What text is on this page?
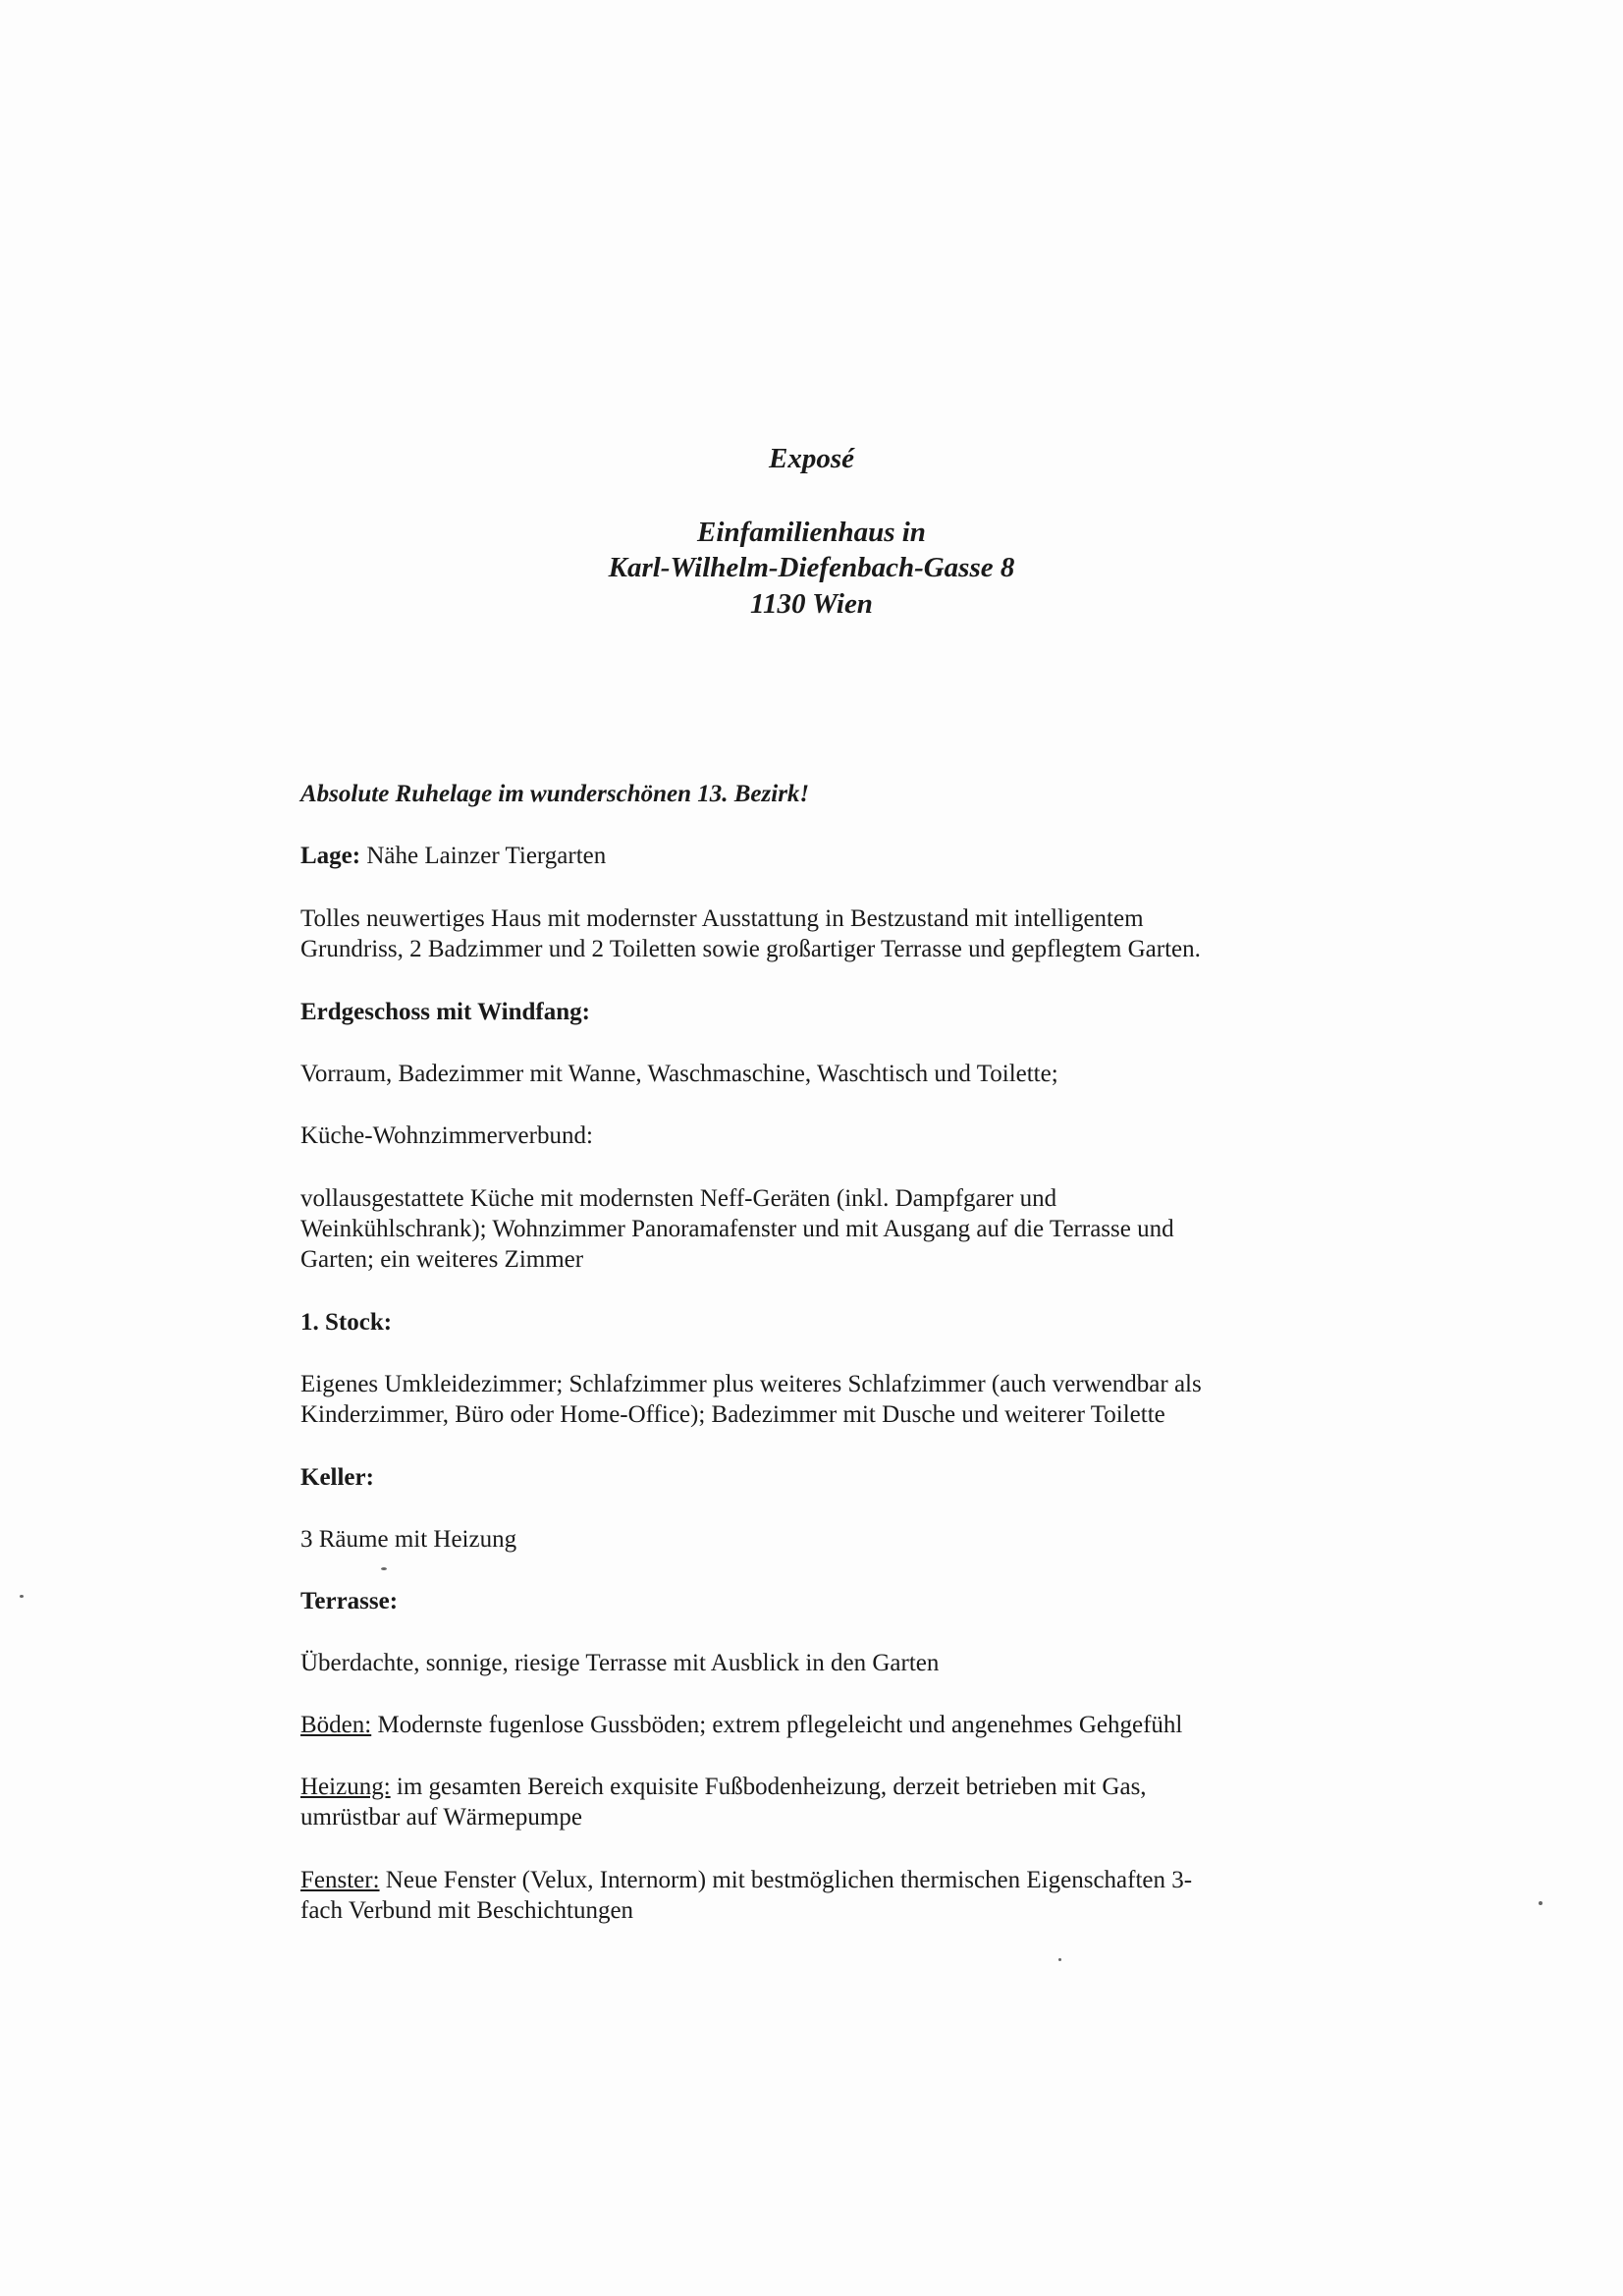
Exposé
Einfamilienhaus in
Karl-Wilhelm-Diefenbach-Gasse 8
1130 Wien
Absolute Ruhelage im wunderschönen 13. Bezirk!
Lage: Nähe Lainzer Tiergarten
Tolles neuwertiges Haus mit modernster Ausstattung in Bestzustand mit intelligentem
Grundriss, 2 Badzimmer und 2 Toiletten sowie großartiger Terrasse und gepflegtem Garten.
Erdgeschoss mit Windfang:
Vorraum, Badezimmer mit Wanne, Waschmaschine, Waschtisch und Toilette;
Küche-Wohnzimmerverbund:
vollausgestattete Küche mit modernsten Neff-Geräten (inkl. Dampfgarer und
Weinkühlschrank); Wohnzimmer Panoramafenster und mit Ausgang auf die Terrasse und
Garten; ein weiteres Zimmer
1. Stock:
Eigenes Umkleidezimmer; Schlafzimmer plus weiteres Schlafzimmer (auch verwendbar als
Kinderzimmer, Büro oder Home-Office); Badezimmer mit Dusche und weiterer Toilette
Keller:
3 Räume mit Heizung
Terrasse:
Überdachte, sonnige, riesige Terrasse mit Ausblick in den Garten
Böden: Modernste fugenlose Gussböden; extrem pflegeleicht und angenehmes Gehgefühl
Heizung: im gesamten Bereich exquisite Fußbodenheizung, derzeit betrieben mit Gas,
umrüstbar auf Wärmepumpe
Fenster: Neue Fenster (Velux, Internorm) mit bestmöglichen thermischen Eigenschaften 3-
fach Verbund mit Beschichtungen
